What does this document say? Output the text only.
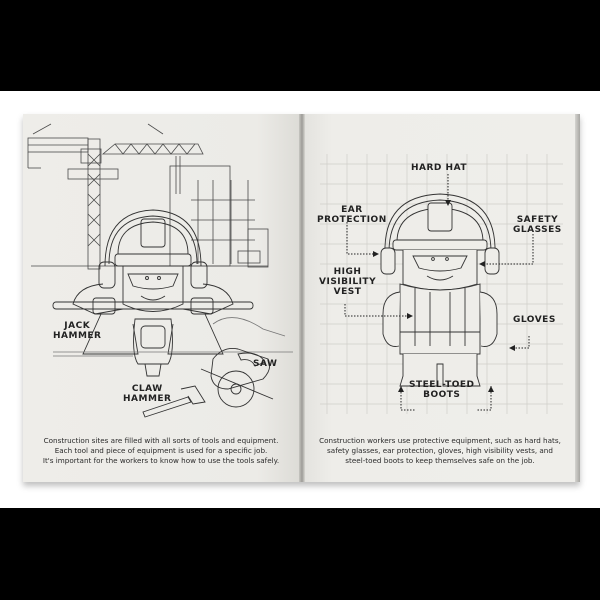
JACK
HAMMER
SAW
CLAW
HAMMER
Construction sites are filled with all sorts of tools and equipment.
Each tool and piece of equipment is used for a specific job.
It's important for the workers to know how to use the tools safely.
HARD HAT
EAR
PROTECTION	SAFETY
GLASSES
HIGH
VISIBILITY
VEST
GLOVES
STEEL-TOED
BOOTS
Construction workers use protective equipment, such as hard hats,
safety glasses, ear protection, gloves, high visibility vests, and
steel-toed boots to keep themselves safe on the job.
